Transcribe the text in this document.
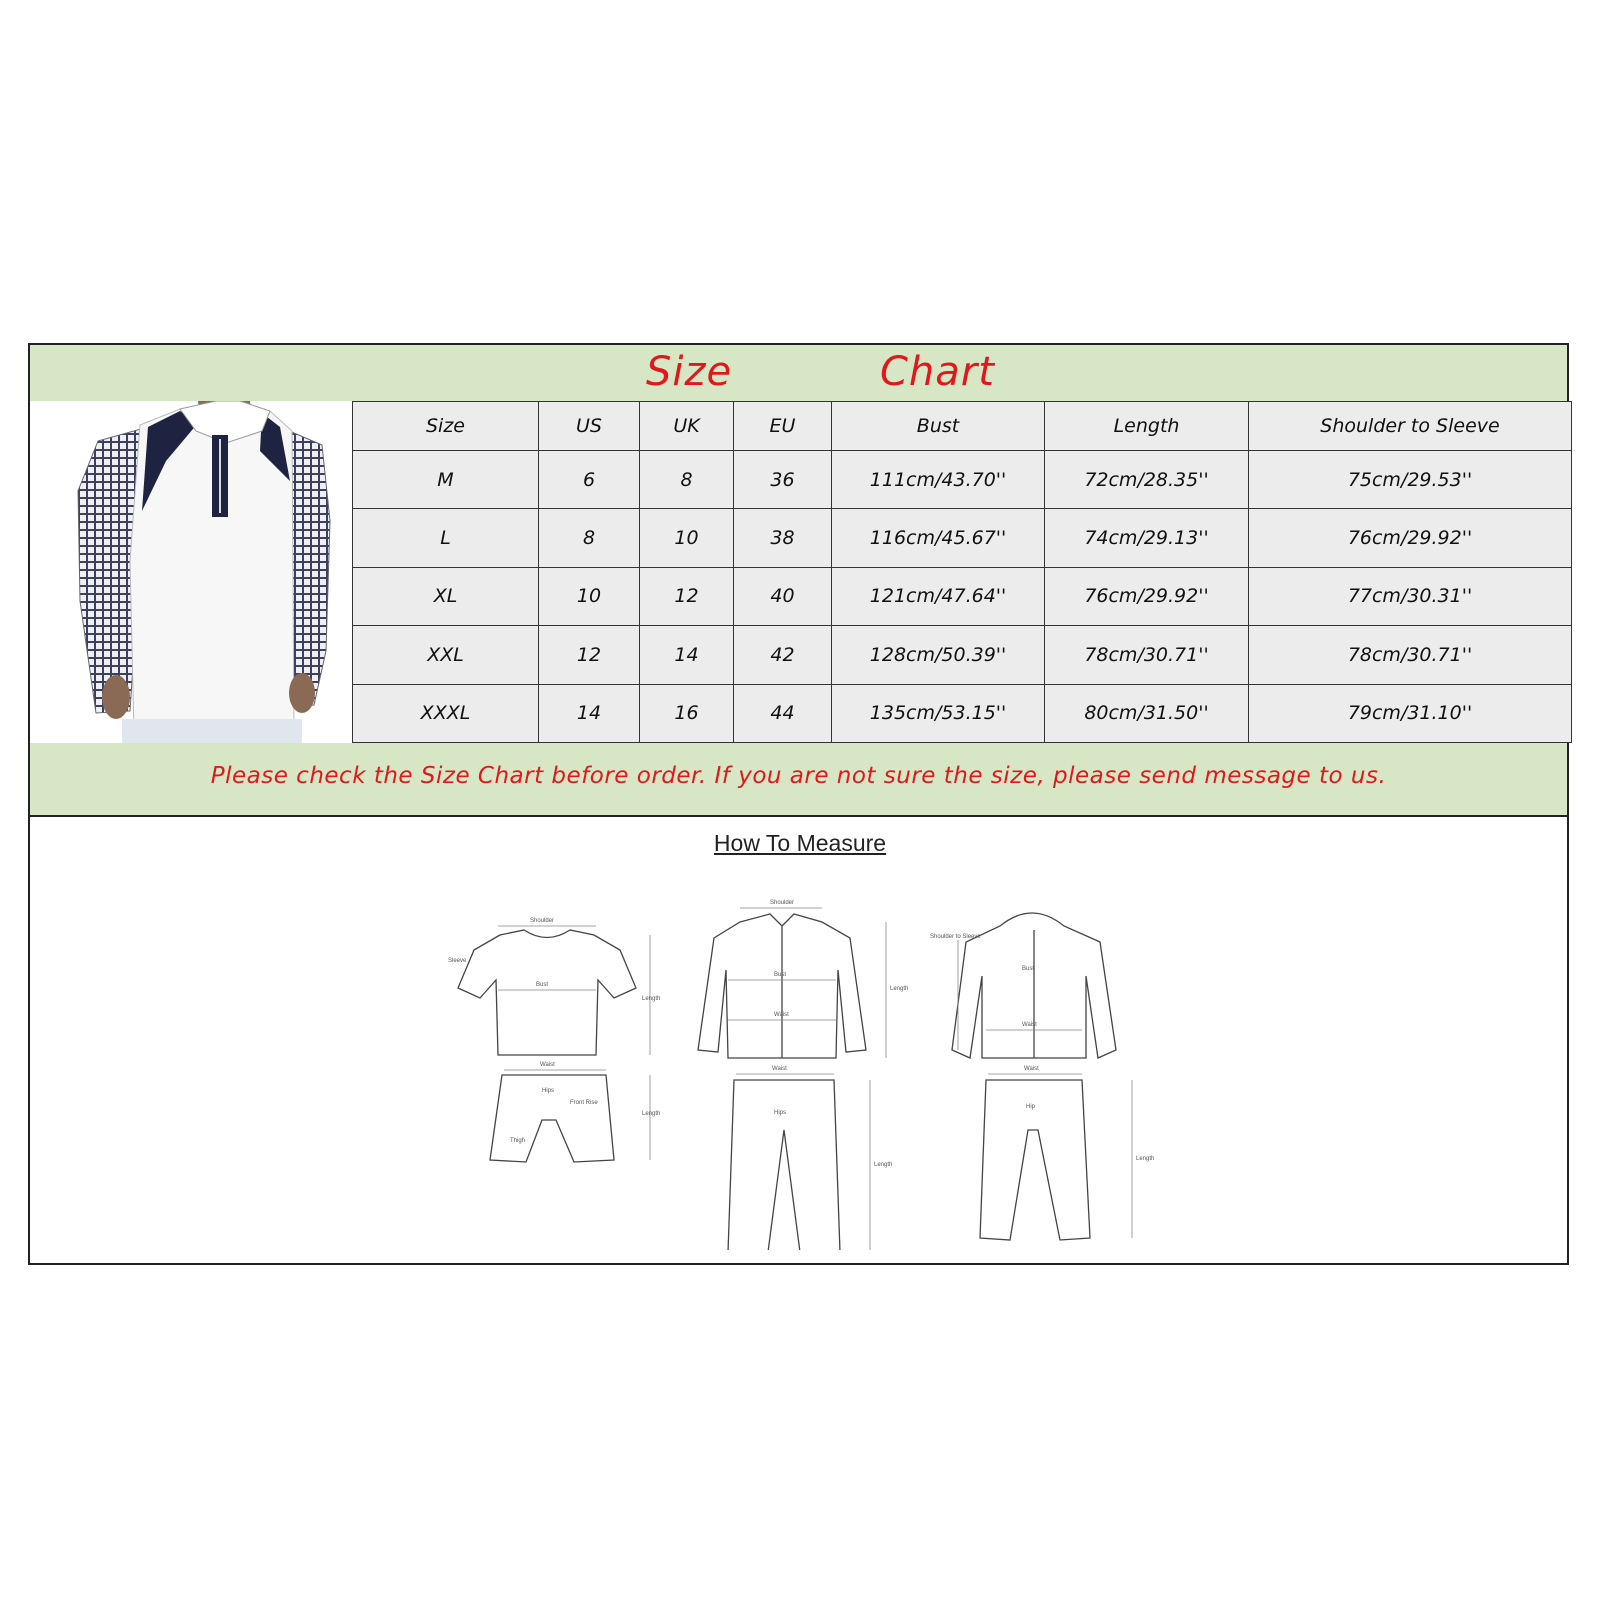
Size	Chart
Size	US	UK	EU	Bust	Length	Shoulder to Sleeve
M	6	8	36	111cm/43.70''	72cm/28.35''	75cm/29.53''
L	8	10	38	116cm/45.67''	74cm/29.13''	76cm/29.92''
XL	10	12	40	121cm/47.64''	76cm/29.92''	77cm/30.31''
XXL	12	14	42	128cm/50.39''	78cm/30.71''	78cm/30.71''
XXXL	14	16	44	135cm/53.15''	80cm/31.50''	79cm/31.10''
Please check the Size Chart before order. If you are not sure the size, please send message to us.
How To Measure
Shoulder
Sleeve
Bust
Length
Waist
Hips
Front Rise
Thigh
Length
Shoulder
Bust
Waist
Length
Waist
Hips
Length
Bust
Waist
Shoulder to Sleeve
Waist
Hip
Length
